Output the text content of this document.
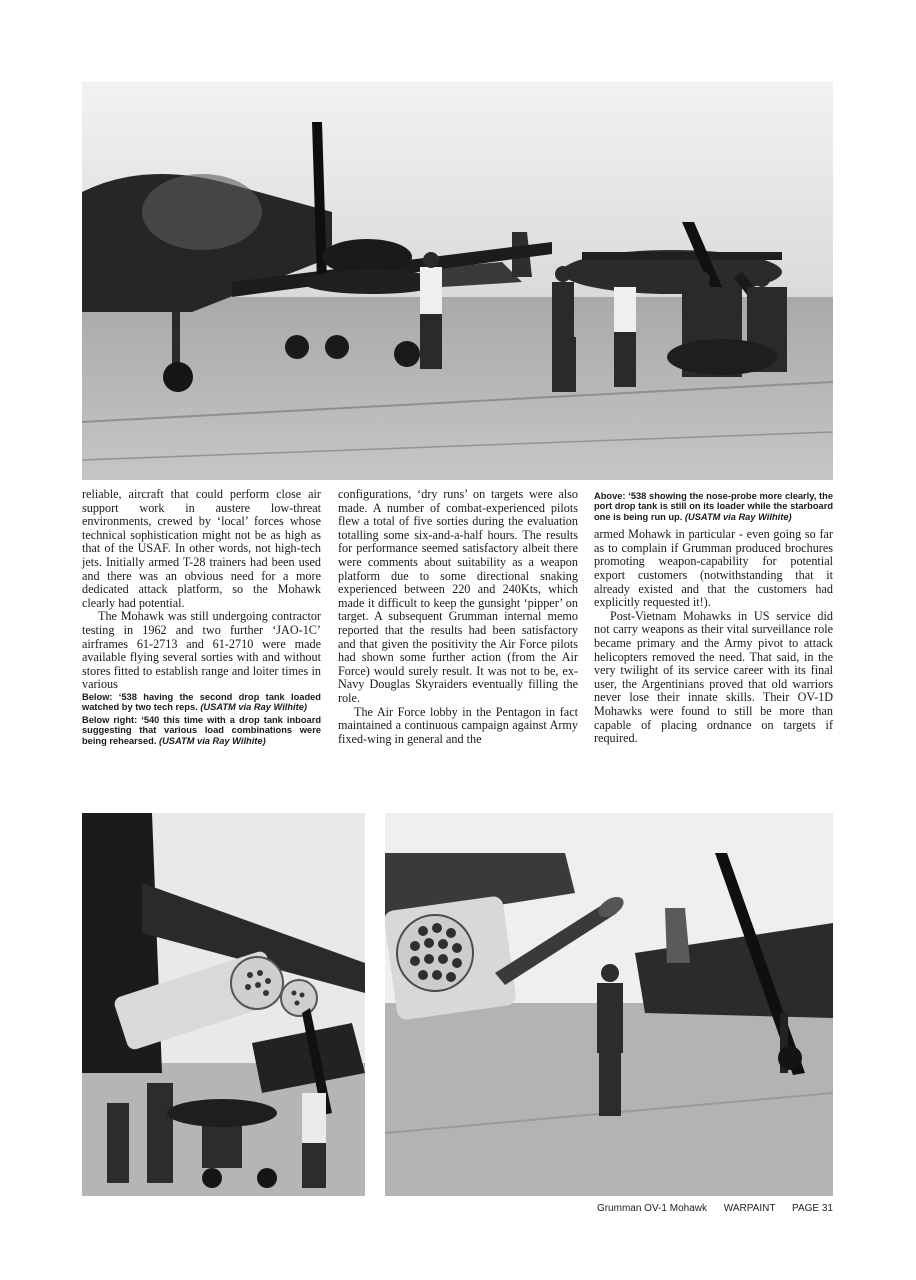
reliable, aircraft that could perform close air support work in austere low-threat environments, crewed by ‘local’ forces whose technical sophistication might not be as high as that of the USAF. In other words, not high-tech jets. Initially armed T-28 trainers had been used and there was an obvious need for a more dedicated attack platform, so the Mohawk clearly had potential.

The Mohawk was still undergoing contractor testing in 1962 and two further ‘JAO-1C’ airframes 61-2713 and 61-2710 were made available flying several sorties with and without stores fitted to establish range and loiter times in various

Below: ‘538 having the second drop tank loaded watched by two tech reps. (USATM via Ray Wilhite)

Below right: ‘540 this time with a drop tank inboard suggesting that various load combinations were being rehearsed. (USATM via Ray Wilhite)

configurations, ‘dry runs’ on targets were also made. A number of combat-experienced pilots flew a total of five sorties during the evaluation totalling some six-and-a-half hours. The results for performance seemed satisfactory albeit there were comments about suitability as a weapon platform due to some directional snaking experienced between 220 and 240Kts, which made it difficult to keep the gunsight ‘pipper’ on target. A subsequent Grumman internal memo reported that the results had been satisfactory and that given the positivity the Air Force pilots had shown some further action (from the Air Force) would surely result. It was not to be, ex-Navy Douglas Skyraiders eventually filling the role.

The Air Force lobby in the Pentagon in fact maintained a continuous campaign against Army fixed-wing in general and the

Above: ‘538 showing the nose-probe more clearly, the port drop tank is still on its loader while the starboard one is being run up. (USATM via Ray Wilhite)

armed Mohawk in particular - even going so far as to complain if Grumman produced brochures promoting weapon-capability for potential export customers (notwithstanding that it already existed and that the customers had explicitly requested it!).

Post-Vietnam Mohawks in US service did not carry weapons as their vital surveillance role became primary and the Army pivot to attack helicopters removed the need. That said, in the very twilight of its service career with its final user, the Argentinians proved that old warriors never lose their innate skills. Their OV-1D Mohawks were found to still be more than capable of placing ordnance on targets if required.

Grumman OV-1 Mohawk WARPAINT PAGE 31
